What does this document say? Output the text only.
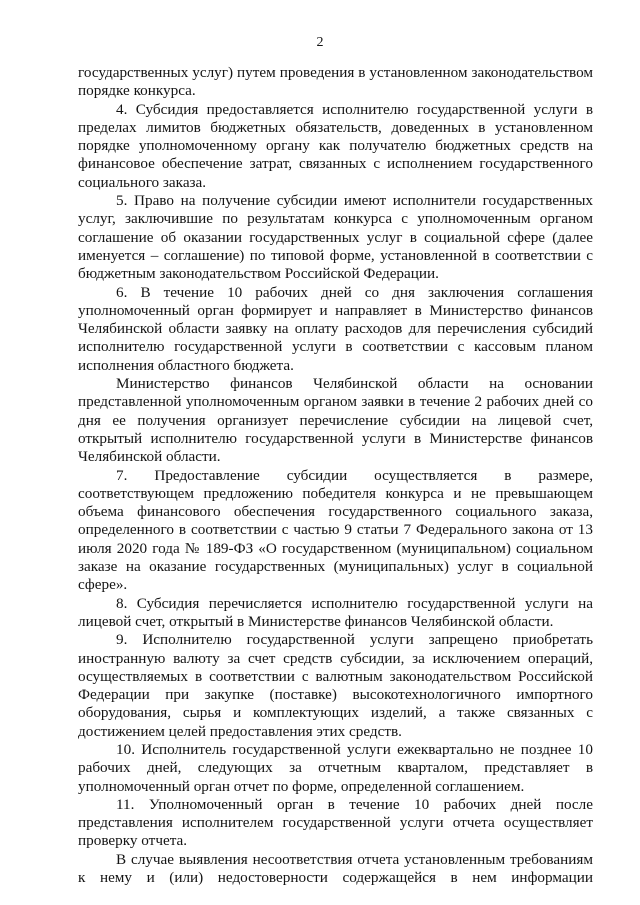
2

государственных услуг) путем проведения в установленном законодательством порядке конкурса.

4. Субсидия предоставляется исполнителю государственной услуги в пределах лимитов бюджетных обязательств, доведенных в установленном порядке уполномоченному органу как получателю бюджетных средств на финансовое обеспечение затрат, связанных с исполнением государственного социального заказа.

5. Право на получение субсидии имеют исполнители государственных услуг, заключившие по результатам конкурса с уполномоченным органом соглашение об оказании государственных услуг в социальной сфере (далее именуется – соглашение) по типовой форме, установленной в соответствии с бюджетным законодательством Российской Федерации.

6. В течение 10 рабочих дней со дня заключения соглашения уполномоченный орган формирует и направляет в Министерство финансов Челябинской области заявку на оплату расходов для перечисления субсидий исполнителю государственной услуги в соответствии с кассовым планом исполнения областного бюджета.

Министерство финансов Челябинской области на основании представленной уполномоченным органом заявки в течение 2 рабочих дней со дня ее получения организует перечисление субсидии на лицевой счет, открытый исполнителю государственной услуги в Министерстве финансов Челябинской области.

7. Предоставление субсидии осуществляется в размере, соответствующем предложению победителя конкурса и не превышающем объема финансового обеспечения государственного социального заказа, определенного в соответствии с частью 9 статьи 7 Федерального закона от 13 июля 2020 года № 189-ФЗ «О государственном (муниципальном) социальном заказе на оказание государственных (муниципальных) услуг в социальной сфере».

8. Субсидия перечисляется исполнителю государственной услуги на лицевой счет, открытый в Министерстве финансов Челябинской области.

9. Исполнителю государственной услуги запрещено приобретать иностранную валюту за счет средств субсидии, за исключением операций, осуществляемых в соответствии с валютным законодательством Российской Федерации при закупке (поставке) высокотехнологичного импортного оборудования, сырья и комплектующих изделий, а также связанных с достижением целей предоставления этих средств.

10. Исполнитель государственной услуги ежеквартально не позднее 10 рабочих дней, следующих за отчетным кварталом, представляет в уполномоченный орган отчет по форме, определенной соглашением.

11. Уполномоченный орган в течение 10 рабочих дней после представления исполнителем государственной услуги отчета осуществляет проверку отчета.

В случае выявления несоответствия отчета установленным требованиям к нему и (или) недостоверности содержащейся в нем информации
